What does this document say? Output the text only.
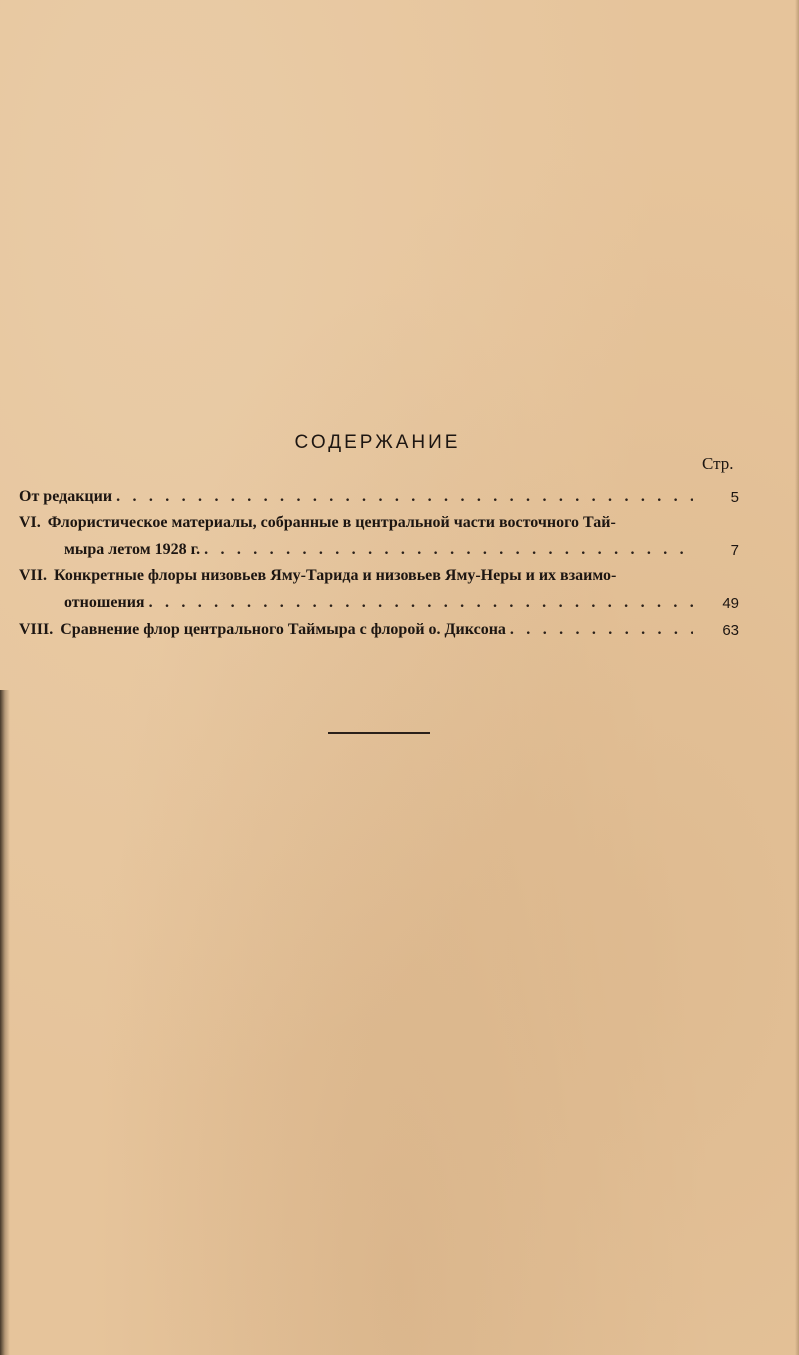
СОДЕРЖАНИЕ
Стр.
От редакции . . .	5
VI. Флористическое материалы, собранные в центральной части восточного Тай-
мыра летом 1928 г. . . .	7
VII. Конкретные флоры низовьев Яму-Тарида и низовьев Яму-Неры и их взаимо-
отношения . . .	49
VIII. Сравнение флор центрального Таймыра с флорой о. Диксона . . .	63
